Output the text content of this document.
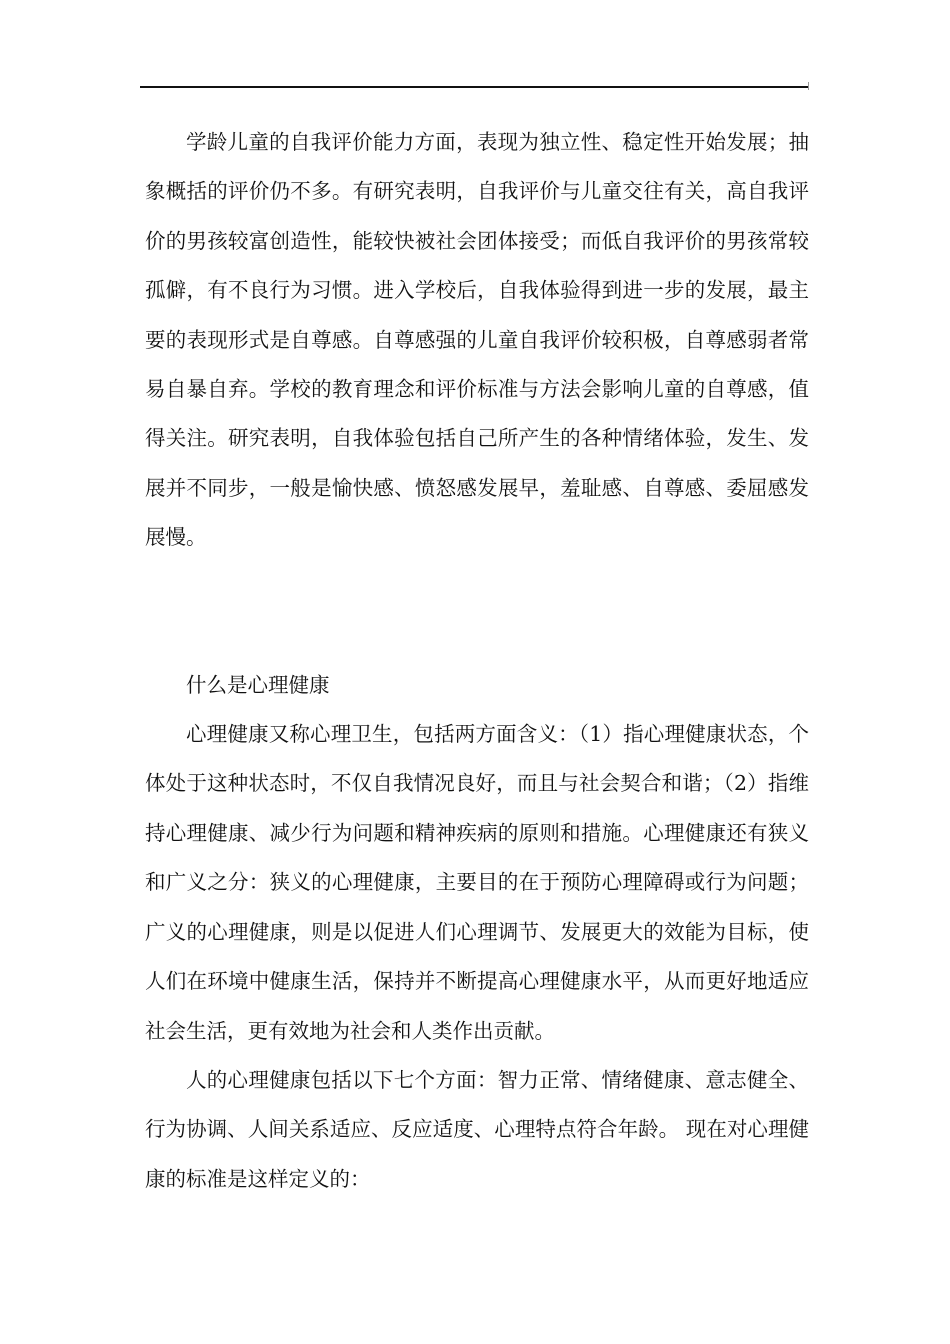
学龄儿童的自我评价能力方面，表现为独立性、稳定性开始发展；抽象概括的评价仍不多。有研究表明，自我评价与儿童交往有关，高自我评价的男孩较富创造性，能较快被社会团体接受；而低自我评价的男孩常较孤僻，有不良行为习惯。进入学校后，自我体验得到进一步的发展，最主要的表现形式是自尊感。自尊感强的儿童自我评价较积极，自尊感弱者常易自暴自弃。学校的教育理念和评价标准与方法会影响儿童的自尊感，值得关注。研究表明，自我体验包括自己所产生的各种情绪体验，发生、发展并不同步，一般是愉快感、愤怒感发展早，羞耻感、自尊感、委屈感发展慢。

什么是心理健康

心理健康又称心理卫生，包括两方面含义：（1）指心理健康状态，个体处于这种状态时，不仅自我情况良好，而且与社会契合和谐；（2）指维持心理健康、减少行为问题和精神疾病的原则和措施。心理健康还有狭义和广义之分：狭义的心理健康，主要目的在于预防心理障碍或行为问题；广义的心理健康，则是以促进人们心理调节、发展更大的效能为目标，使人们在环境中健康生活，保持并不断提高心理健康水平，从而更好地适应社会生活，更有效地为社会和人类作出贡献。

人的心理健康包括以下七个方面：智力正常、情绪健康、意志健全、行为协调、人间关系适应、反应适度、心理特点符合年龄。 现在对心理健康的标准是这样定义的：
